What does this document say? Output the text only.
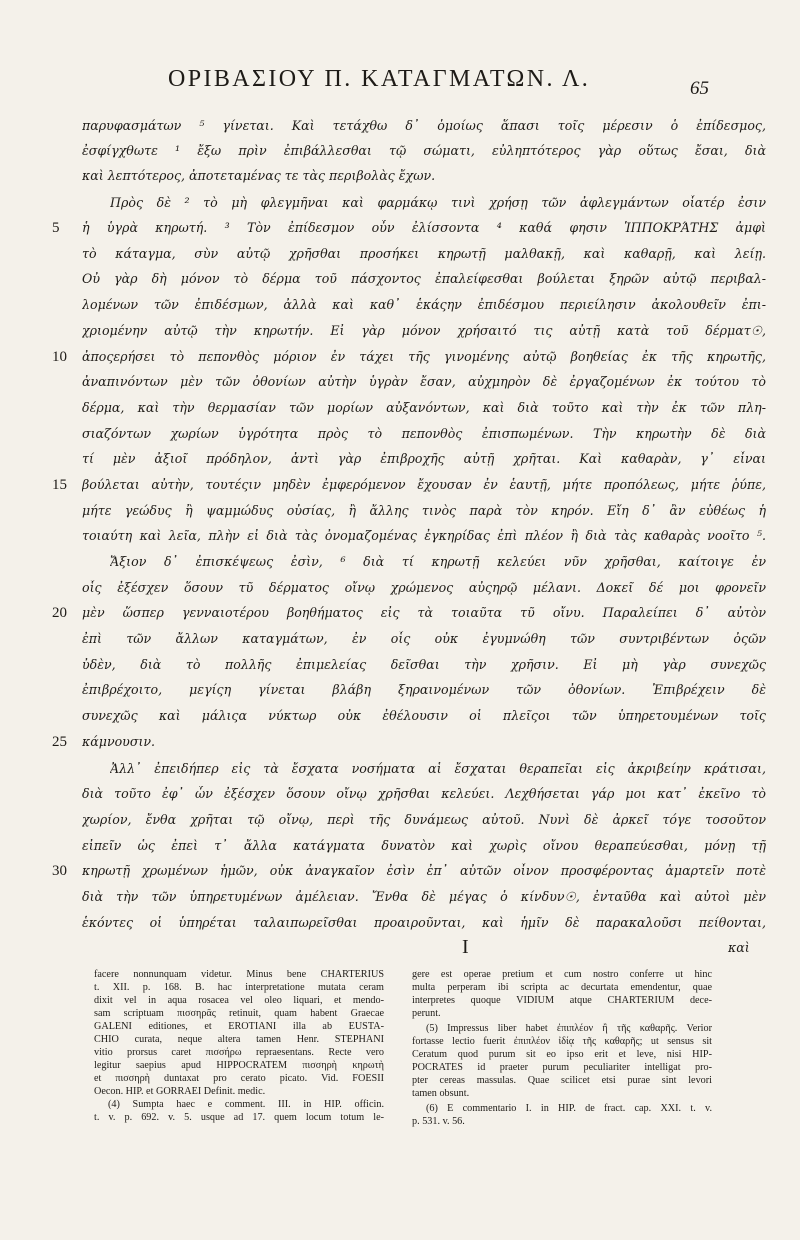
ΟΡΙΒΑΣΙΟΥ Π. ΚΑΤΑΓΜΑΤΩΝ. Λ.	65
παρυφασμάτων ⁵ γίνεται. Καὶ τετάχθω δ᾽ ὁμοίως ἅπασι τοῖς μέρεσιν ὁ ἐπίδεσμος,
ἐσφίγχθωτε ¹ ἔξω πρὶν ἐπιβάλλεσθαι τῷ σώματι, εὐληπτότερος γὰρ οὕτως ἔσαι, διὰ
καὶ λεπτότερος, ἀποτεταμένας τε τὰς περιβολὰς ἔχων.
Πρὸς δὲ ² τὸ μὴ φλεγμῆναι καὶ φαρμάκῳ τινὶ χρήσῃ τῶν ἀφλεγμάντων οἷατέρ ἐσιν
ἡ ὑγρὰ κηρωτή. ³ Τὸν ἐπίδεσμον οὖν ἐλίσσοντα ⁴ καθά φησιν ἹΠΠΟΚΡΆΤΗΣ ἀμφὶ
τὸ κάταγμα, σὺν αὐτῷ χρῆσθαι προσήκει κηρωτῇ μαλθακῇ, καὶ καθαρῇ, καὶ λείῃ.
Οὐ γὰρ δὴ μόνον τὸ δέρμα τοῦ πάσχοντος ἐπαλείφεσθαι βούλεται ξηρῶν αὐτῷ περιβαλ-
λομένων τῶν ἐπιδέσμων, ἀλλὰ καὶ καθ᾽ ἑκάςην ἐπιδέσμου περιείλησιν ἀκολουθεῖν ἐπι-
χριομένην αὐτῷ τὴν κηρωτήν. Εἰ γὰρ μόνον χρήσαιτό τις αὐτῇ κατὰ τοῦ δέρματ☉,
ἀποςερήσει τὸ πεπονθὸς μόριον ἐν τάχει τῆς γινομένης αὐτῷ βοηθείας ἐκ τῆς κηρωτῆς,
ἀναπινόντων μὲν τῶν ὀθονίων αὐτὴν ὑγρὰν ἔσαν, αὐχμηρὸν δὲ ἐργαζομένων ἐκ τούτου τὸ
δέρμα, καὶ τὴν θερμασίαν τῶν μορίων αὐξανόντων, καὶ διὰ τοῦτο καὶ τὴν ἐκ τῶν πλη-
σιαζόντων χωρίων ὑγρότητα πρὸς τὸ πεπονθὸς ἐπισπωμένων. Τὴν κηρωτὴν δὲ διὰ
τί μὲν ἀξιοῖ πρόδηλον, ἀντὶ γὰρ ἐπιβροχῆς αὐτῇ χρῆται. Καὶ καθαρὰν, γ᾽ εἶναι
βούλεται αὐτὴν, τουτέςιν μηδὲν ἐμφερόμενον ἔχουσαν ἐν ἑαυτῇ, μήτε προπόλεως, μήτε ῥύπε,
μήτε γεώδυς ἢ ψαμμώδυς οὐσίας, ἢ ἄλλης τινὸς παρὰ τὸν κηρόν. Εἴη δ᾽ ἂν εὐθέως ἡ
τοιαύτη καὶ λεῖα, πλὴν εἰ διὰ τὰς ὀνομαζομένας ἐγκηρίδας ἐπὶ πλέον ἢ διὰ τὰς καθαρὰς νοοῖτο ⁵.
Ἄξιον δ᾽ ἐπισκέψεως ἐσὶν, ⁶ διὰ τί κηρωτῇ κελεύει νῦν χρῆσθαι, καίτοιγε ἐν
οἷς ἐξέσχεν ὅσουν τῦ δέρματος οἴνῳ χρώμενος αὐςηρῷ μέλανι. Δοκεῖ δέ μοι φρονεῖν
μὲν ὥσπερ γενναιοτέρου βοηθήματος εἰς τὰ τοιαῦτα τῦ οἴνυ. Παραλείπει δ᾽ αὐτὸν
ἐπὶ τῶν ἄλλων καταγμάτων, ἐν οἷς οὐκ ἐγυμνώθη τῶν συντριβέντων ὀςῶν
ὐδὲν, διὰ τὸ πολλῆς ἐπιμελείας δεῖσθαι τὴν χρῆσιν. Εἰ μὴ γὰρ συνεχῶς
ἐπιβρέχοιτο, μεγίςη γίνεται βλάβη ξηραινομένων τῶν ὀθονίων. Ἐπιβρέχειν δὲ
συνεχῶς καὶ μάλιςα νύκτωρ οὐκ ἐθέλουσιν οἱ πλεῖςοι τῶν ὑπηρετουμένων τοῖς
κάμνουσιν.
Ἀλλ᾽ ἐπειδήπερ εἰς τὰ ἔσχατα νοσήματα αἱ ἔσχαται θεραπεῖαι εἰς ἀκριβείην κράτισαι,
διὰ τοῦτο ἐφ᾽ ὧν ἐξέσχεν ὅσουν οἴνῳ χρῆσθαι κελεύει. Λεχθήσεται γάρ μοι κατ᾽ ἐκεῖνο τὸ
χωρίον, ἔνθα χρῆται τῷ οἴνῳ, περὶ τῆς δυνάμεως αὐτοῦ. Νυνὶ δὲ ἀρκεῖ τόγε τοσοῦτον
εἰπεῖν ὡς ἐπεὶ τ᾽ ἄλλα κατάγματα δυνατὸν καὶ χωρὶς οἴνου θεραπεύεσθαι, μόνῃ τῇ
κηρωτῇ χρωμένων ἡμῶν, οὐκ ἀναγκαῖον ἐσὶν ἐπ᾽ αὐτῶν οἶνον προσφέροντας ἁμαρτεῖν ποτὲ
διὰ τὴν τῶν ὑπηρετυμένων ἀμέλειαν. Ἔνθα δὲ μέγας ὁ κίνδυν☉, ἐνταῦθα καὶ αὐτοὶ μὲν
ἑκόντες οἱ ὑπηρέται ταλαιπωρεῖσθαι προαιροῦνται, καὶ ἡμῖν δὲ παρακαλοῦσι πείθονται,
5
10
15
20
25
30
I	καὶ
facere nonnunquam videtur. Minus bene CHARTERIUS
t. XII. p. 168. B. hac interpretatione mutata ceram
dixit vel in aqua rosacea vel oleo liquari, et mendo-
sam scriptuam πισσηρᾶς retinuit, quam habent Graecae
GALENI editiones, et EROTIANI illa ab EUSTA-
CHIO curata, neque altera tamen Henr. STEPHANI
vitio prorsus caret πισσήρω repraesentans. Recte vero
legitur saepius apud HIPPOCRATEM πισσηρὴ κηρωτὴ
et πισσηρὴ duntaxat pro cerato picato. Vid. FOESII
Oecon. HIP. et GORRAEI Definit. medic.
(4) Sumpta haec e comment. III. in HIP. officin.
t. v. p. 692. v. 5. usque ad 17. quem locum totum le-
gere est operae pretium et cum nostro conferre ut hinc
multa perperam ibi scripta ac decurtata emendentur, quae
interpretes quoque VIDIUM atque CHARTERIUM dece-
perunt.
(5) Impressus liber habet ἐπιπλέον ἢ τῆς καθαρῆς. Verior
fortasse lectio fuerit ἐπιπλέον ἰδίᾳ τῆς καθαρῆς; ut sensus sit
Ceratum quod purum sit eo ipso erit et leve, nisi HIP-
POCRATES id praeter purum peculiariter intelligat pro-
pter cereas massulas. Quae scilicet etsi purae sint levori
tamen obsunt.
(6) E commentario I. in HIP. de fract. cap. XXI. t. v.
p. 531. v. 56.
